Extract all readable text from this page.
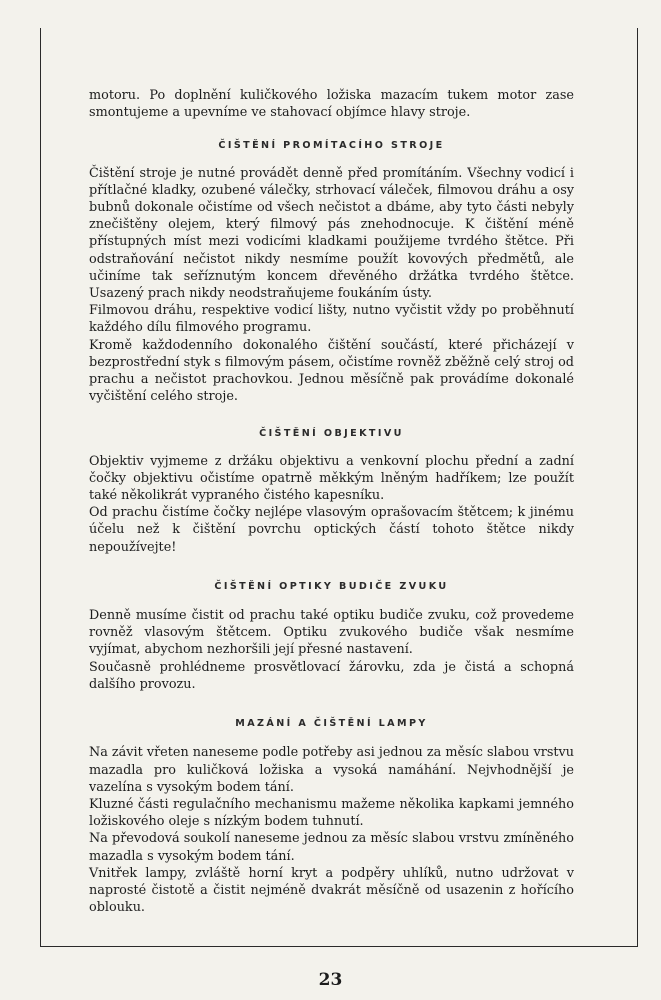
motoru. Po doplnění kuličkového ložiska mazacím tukem motor zase smontujeme a upevníme ve stahovací objímce hlavy stroje.

ČIŠTĚNÍ PROMÍTACÍHO STROJE

Čištění stroje je nutné provádět denně před promítáním. Všechny vodicí i přítlačné kladky, ozubené válečky, strhovací váleček, filmovou dráhu a osy bubnů dokonale očistíme od všech nečistot a dbáme, aby tyto části nebyly znečištěny olejem, který filmový pás znehodnocuje. K čištění méně přístupných míst mezi vodicími kladkami použijeme tvrdého štětce. Při odstraňování nečistot nikdy nesmíme použít kovových předmětů, ale učiníme tak seříznutým koncem dřevěného držátka tvrdého štětce. Usazený prach nikdy neodstraňujeme foukáním ústy.

Filmovou dráhu, respektive vodicí lišty, nutno vyčistit vždy po proběhnutí každého dílu filmového programu.

Kromě každodenního dokonalého čištění součástí, které přicházejí v bezprostřední styk s filmovým pásem, očistíme rovněž zběžně celý stroj od prachu a nečistot prachovkou. Jednou měsíčně pak provádíme dokonalé vyčištění celého stroje.

ČIŠTĚNÍ OBJEKTIVU

Objektiv vyjmeme z držáku objektivu a venkovní plochu přední a zadní čočky objektivu očistíme opatrně měkkým lněným hadříkem; lze použít také několikrát vypraného čistého kapesníku.

Od prachu čistíme čočky nejlépe vlasovým oprašovacím štětcem; k jinému účelu než k čištění povrchu optických částí tohoto štětce nikdy nepoužívejte!

ČIŠTĚNÍ OPTIKY BUDIČE ZVUKU

Denně musíme čistit od prachu také optiku budiče zvuku, což provedeme rovněž vlasovým štětcem. Optiku zvukového budiče však nesmíme vyjímat, abychom nezhoršili její přesné nastavení.

Současně prohlédneme prosvětlovací žárovku, zda je čistá a schopná dalšího provozu.

MAZÁNÍ A ČIŠTĚNÍ LAMPY

Na závit vřeten naneseme podle potřeby asi jednou za měsíc slabou vrstvu mazadla pro kuličková ložiska a vysoká namáhání. Nejvhodnější je vazelína s vysokým bodem tání.

Kluzné části regulačního mechanismu mažeme několika kapkami jemného ložiskového oleje s nízkým bodem tuhnutí.

Na převodová soukolí naneseme jednou za měsíc slabou vrstvu zmíněného mazadla s vysokým bodem tání.

Vnitřek lampy, zvláště horní kryt a podpěry uhlíků, nutno udržovat v naprosté čistotě a čistit nejméně dvakrát měsíčně od usazenin z hořícího oblouku.

23
